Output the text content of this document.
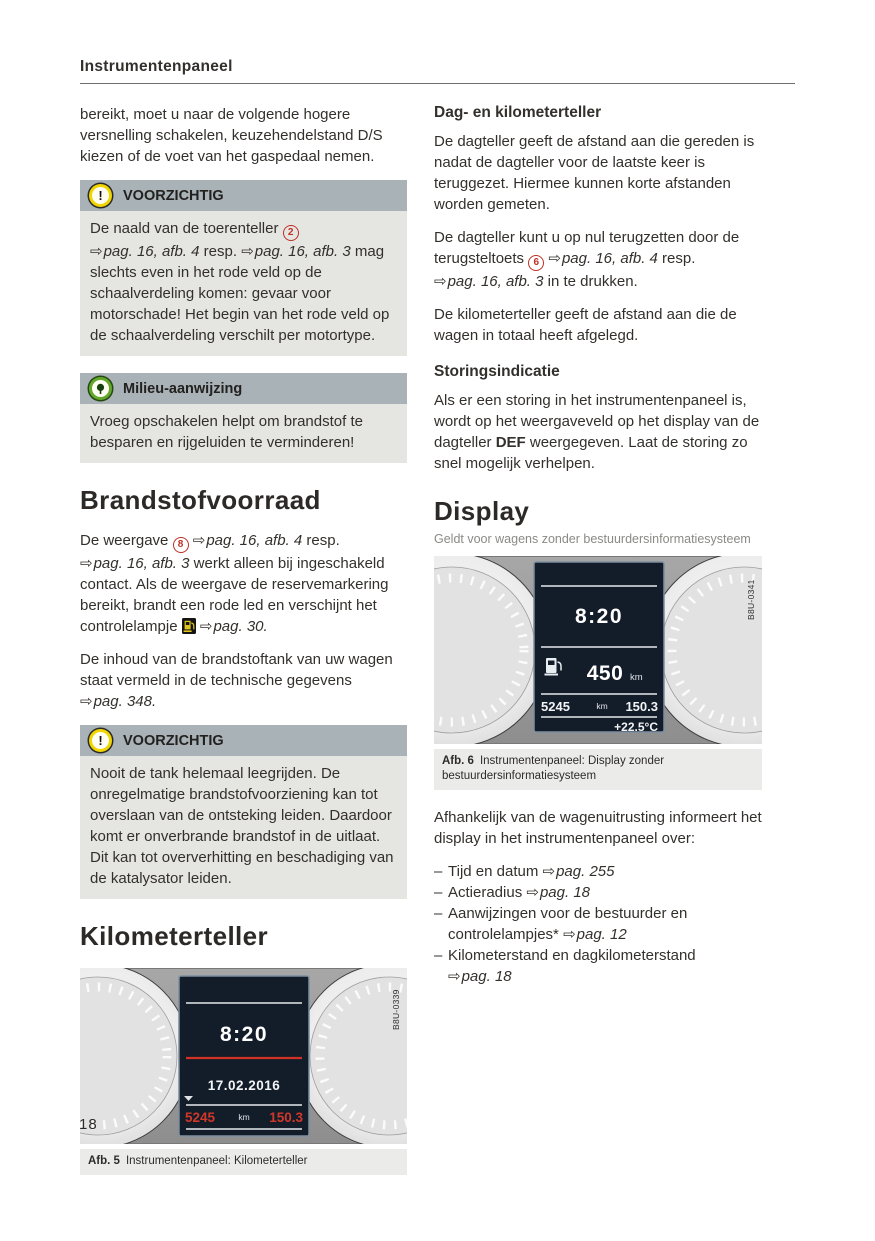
Instrumentenpaneel

bereikt, moet u naar de volgende hogere versnelling schakelen, keuzehendelstand D/S kiezen of de voet van het gaspedaal nemen.

!	VOORZICHTIG
De naald van de toerenteller 2 ⇨pag. 16, afb. 4 resp. ⇨pag. 16, afb. 3 mag slechts even in het rode veld op de schaalverdeling komen: gevaar voor motorschade! Het begin van het rode veld op de schaalverdeling verschilt per motortype.
Milieu-aanwijzing
Vroeg opschakelen helpt om brandstof te besparen en rijgeluiden te verminderen!
Brandstofvoorraad

De weergave 8 ⇨pag. 16, afb. 4 resp. ⇨pag. 16, afb. 3 werkt alleen bij ingeschakeld contact. Als de weergave de reservemarkering bereikt, brandt een rode led en verschijnt het controlelampje  ⇨pag. 30.

De inhoud van de brandstoftank van uw wagen staat vermeld in de technische gegevens ⇨pag. 348.

!	VOORZICHTIG
Nooit de tank helemaal leegrijden. De onregelmatige brandstofvoorziening kan tot overslaan van de ontsteking leiden. Daardoor komt er onverbrande brandstof in de uitlaat. Dit kan tot oververhitting en beschadiging van de katalysator leiden.
Kilometerteller
B8U-0339
8:20
17.02.2016
5245	km 150.3
Afb. 5 Instrumentenpaneel: Kilometerteller
Dag- en kilometerteller

De dagteller geeft de afstand aan die gereden is nadat de dagteller voor de laatste keer is teruggezet. Hiermee kunnen korte afstanden worden gemeten.

De dagteller kunt u op nul terugzetten door de terugsteltoets 6 ⇨pag. 16, afb. 4 resp. ⇨pag. 16, afb. 3 in te drukken.

De kilometerteller geeft de afstand aan die de wagen in totaal heeft afgelegd.

Storingsindicatie

Als er een storing in het instrumentenpaneel is, wordt op het weergaveveld op het display van de dagteller DEF weergegeven. Laat de storing zo snel mogelijk verhelpen.

Display
Geldt voor wagens zonder bestuurdersinformatiesysteem
B8U-0341
8:20
450 km
5245	km 150.3
+22.5°C
Afb. 6 Instrumentenpaneel: Display zonder bestuurdersinformatiesysteem

Afhankelijk van de wagenuitrusting informeert het display in het instrumentenpaneel over:

– Tijd en datum ⇨pag. 255
– Actieradius ⇨pag. 18
– Aanwijzingen voor de bestuurder en controlelampjes* ⇨pag. 12
– Kilometerstand en dagkilometerstand ⇨pag. 18
18
